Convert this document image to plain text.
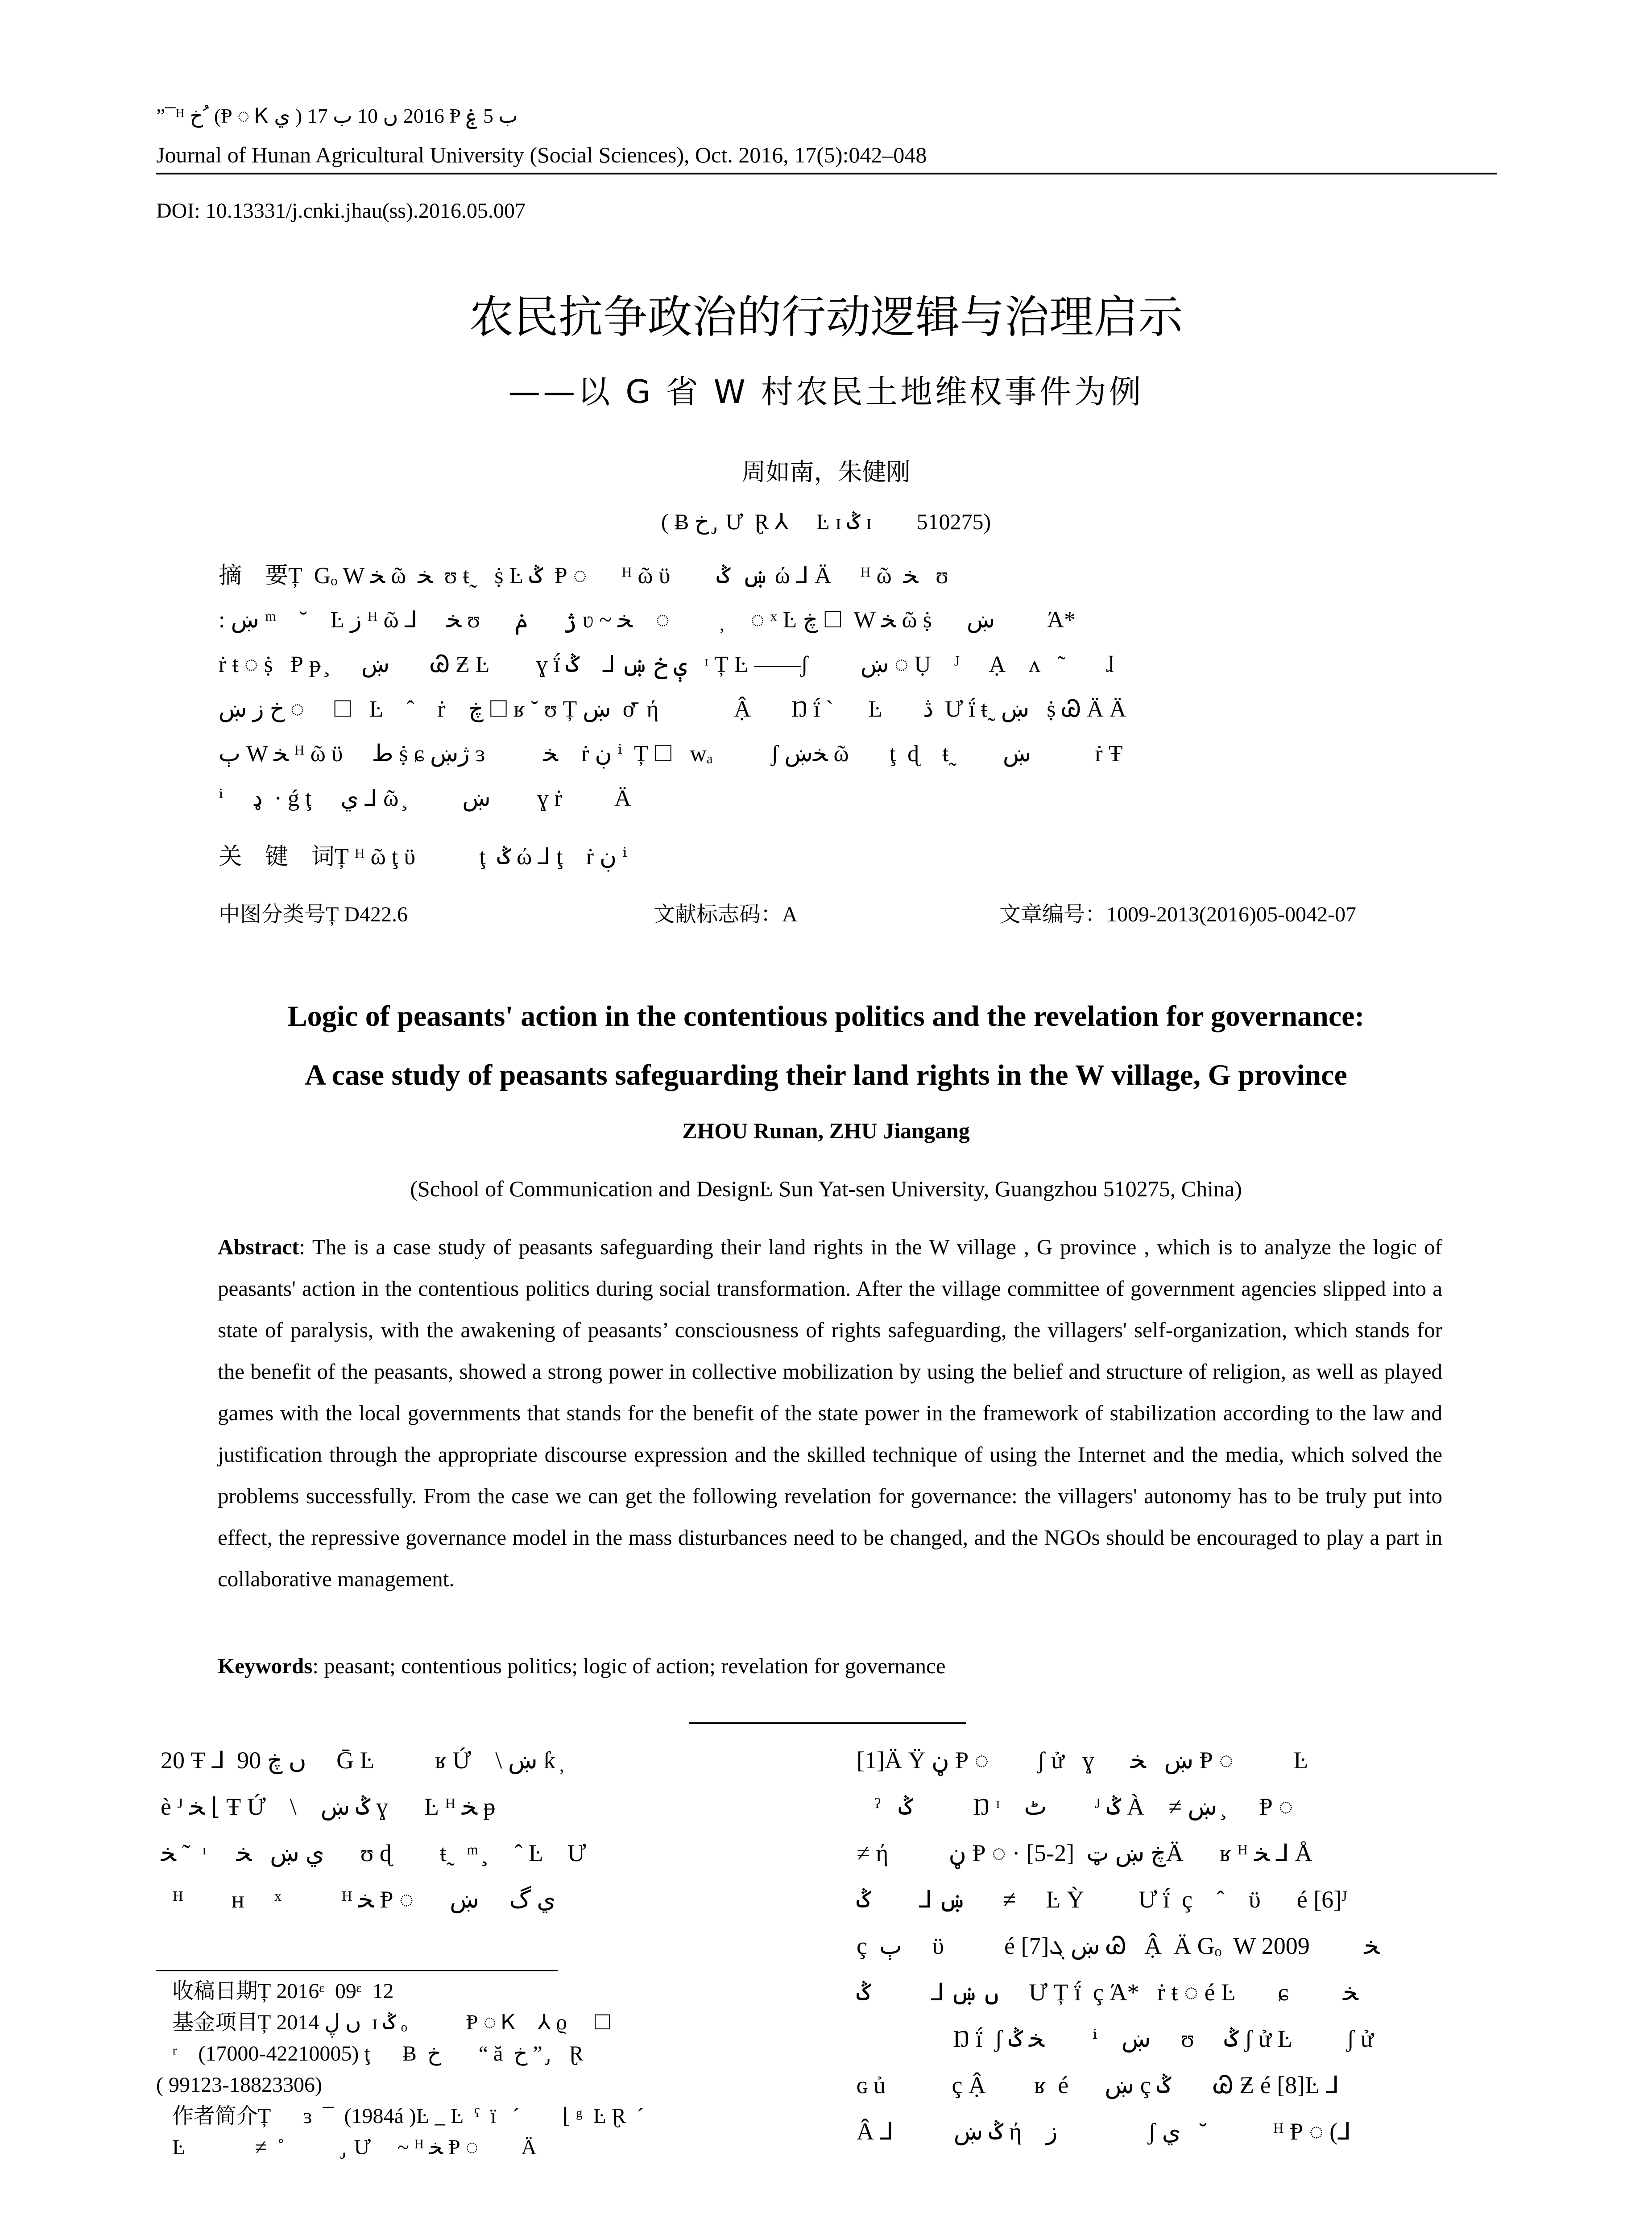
”¯ᴴ خ ُ (Ᵽ ◌ Ꮶ ي ) 2016 ں 10 ب 17 Ᵽ ب 5 ۼ
Journal of Hunan Agricultural University (Social Sciences), Oct. 2016, 17(5):042–048
DOI: 10.13331/j.cnki.jhau(ss).2016.05.007
农民抗争政治的行动逻辑与治理启示
——以 G 省 W 村农民土地维权事件为例
周如南，朱健刚
( Ƀ خ  ̡ Ư  Ɽ ⅄     Ŀ ɪ ݣ ɪ        510275)
摘　要Ț  Gₒ W ﺨ ῶ  ﺨ  ʊ ŧ˷   ṩ Ŀ ݣ  Ᵽ ◌      ᴴ ῶ ϋ        ښ  ݣ ώ ⅃ Ä     ᴴ ῶ  ﺨ   ʊ
: ښ ᵐ    ˘    Ŀ ز ᴴ ῶ ⅃     ﺨ ʊ      ژ      ݥ ʋ ~ ﺨ    ◌          ̦    ◌ ˣ Ŀ ڿ 🞎  W ﺨ ῶ ṩ      ښ         Ά*
ṙ ŧ ◌ ṩ   Ᵽ ᵽ ̧      ښ       Ꮚ Ƶ Ŀ        ɣ ḯ ې خ ښ ⅃    ݣ   ᶦ Ț Ŀ ——ʃ         ښ ◌ Ụ    ᴶ     Ạ    ʌ   ˜       ɺ
ﺥ ز ښ ◌     🞎   Ŀ    ˆ    ṙ    ڿ 🞎 ʁ ˘ ʊ Ț ښ  ơ̄  ή             Ậ       Ŋ ḯ ˋ      Ŀ       ڎ  Ư ḯ ŧ˷ ښ   ṩ Ꮚ Ä Ä
ٻ W ﺨ ᴴ ῶ ϋ     ط ṩ ɕ ژښ ɜ          ﺨ    ṙ ڹ ⁱ  Ț 🞎   wₐ          ʃ ﺨښ ῶ       ţ  ɖ    ŧ˷        ښ           ṙ Ŧ
ⁱ     ډ  · ǵ ţ     ي ⅃ ῶ ̧          ښ        ɣ ṙ         Ä
关　键　词Ț ᴴ ῶ ţ ϋ           ţ  ݣ ώ ⅃ ţ    ṙ ڹ ⁱ
中图分类号Ț D422.6	文献标志码：A	文章编号：1009-2013(2016)05-0042-07
Logic of peasants' action in the contentious politics and the revelation for governance:
A case study of peasants safeguarding their land rights in the W village, G province
ZHOU Runan, ZHU Jiangang
(School of Communication and DesignĿ Sun Yat-sen University, Guangzhou 510275, China)
Abstract: The is a case study of peasants safeguarding their land rights in the W village , G province , which is to analyze the logic of peasants' action in the contentious politics during social transformation. After the village committee of government agencies slipped into a state of paralysis, with the awakening of peasants’ consciousness of rights safeguarding, the villagers' self-organization, which stands for the benefit of the peasants, showed a strong power in collective mobilization by using the belief and structure of religion, as well as played games with the local governments that stands for the benefit of the state power in the framework of stabilization according to the law and justification through the appropriate discourse expression and the skilled technique of using the Internet and the media, which solved the problems successfully. From the case we can get the following revelation for governance: the villagers' autonomy has to be truly put into effect, the repressive governance model in the mass disturbances need to be changed, and the NGOs should be encouraged to play a part in collaborative management.
Keywords: peasant; contentious politics; logic of action; revelation for governance
20 Ŧ ⅃  90 ں ڿ     Ḡ Ŀ          ʁ Ứ    \ ښ ƙ ̦
è ᴶ ﺨ ⌊ Ŧ Ứ    \    ݣ ښ ɣ      Ŀ ᴴ ﺨ ᵽ
ﺨ ˜  ᶦ     ي ښ   ﺨ      ʊ ɖ        ŧ˷  ᵐ ̧     ˆ Ŀ    Ư
ᴴ        ʜ     ˣ          ᴴ ﺨ Ᵽ ◌      ي گ     ښ
[1]Ä Ÿ ڼ Ᵽ ◌        ʃ ử   ɣ      ښ   ﺨ Ᵽ ◌          Ŀ
ˀ   ݣ          Ŋ ᶦ    ٹ        ᴶ ݣ À    ≠ ښ  ̧     Ᵽ ◌
≠ ή          ڼ Ᵽ ◌ · ڿ ښ ټ  [2-5]Ä      ʁ ᴴ ﺨ ⅃ Å
ښ ⅃        ݣ      ≠     Ŀ Ỳ         Ư ḯ  ç    ˆ    ϋ      é [6]ᴶ
ç  ٻ     ϋ          é [7]ښ ܓ Ꮚ   Ậ  Ä Gₒ  W ﺨ         2009
ں ښ ⅃          ݣ     Ư Ț ḯ  ç Ά*   ṙ ŧ ◌ é Ŀ       ɕ         ﺨ
Ŋ ḯ  ʃ ﺨ ݣ        ⁱ    ښ     ʊ     ݣ ʃ ử Ŀ         ʃ ử
ɢ ủ           ç Ậ        ʁ  é      ښ ç ݣ       Ꮚ Ƶ é [8]Ŀ ⅃
Â ⅃          ݣ ښ ή    ز               ʃ ي   ˘           ᴴ Ᵽ ◌ (⅃
收稿日期Ț 2016ᵋ  09ᵋ  12
基金项目Ț 2014 ں ڸ  ɪ ݣ ₒ           Ᵽ ◌ Ꮶ    ⅄ ϱ     🞎
ʳ    (17000-42210005) ţ      Ƀ  خ       “ ă  خ ”  ̡   Ɽ
( 99123-18823306)
作者简介Ț      ɜ  ¯  (1984á )Ŀ  ̲  Ŀ  ˤ  ï   ˊ        ⌊ ᵍ  Ŀ Ɽ  ˊ
Ŀ             ≠  ˚           ̡  Ư     ~ ᴴ ﺨ Ᵽ ◌        Ä
